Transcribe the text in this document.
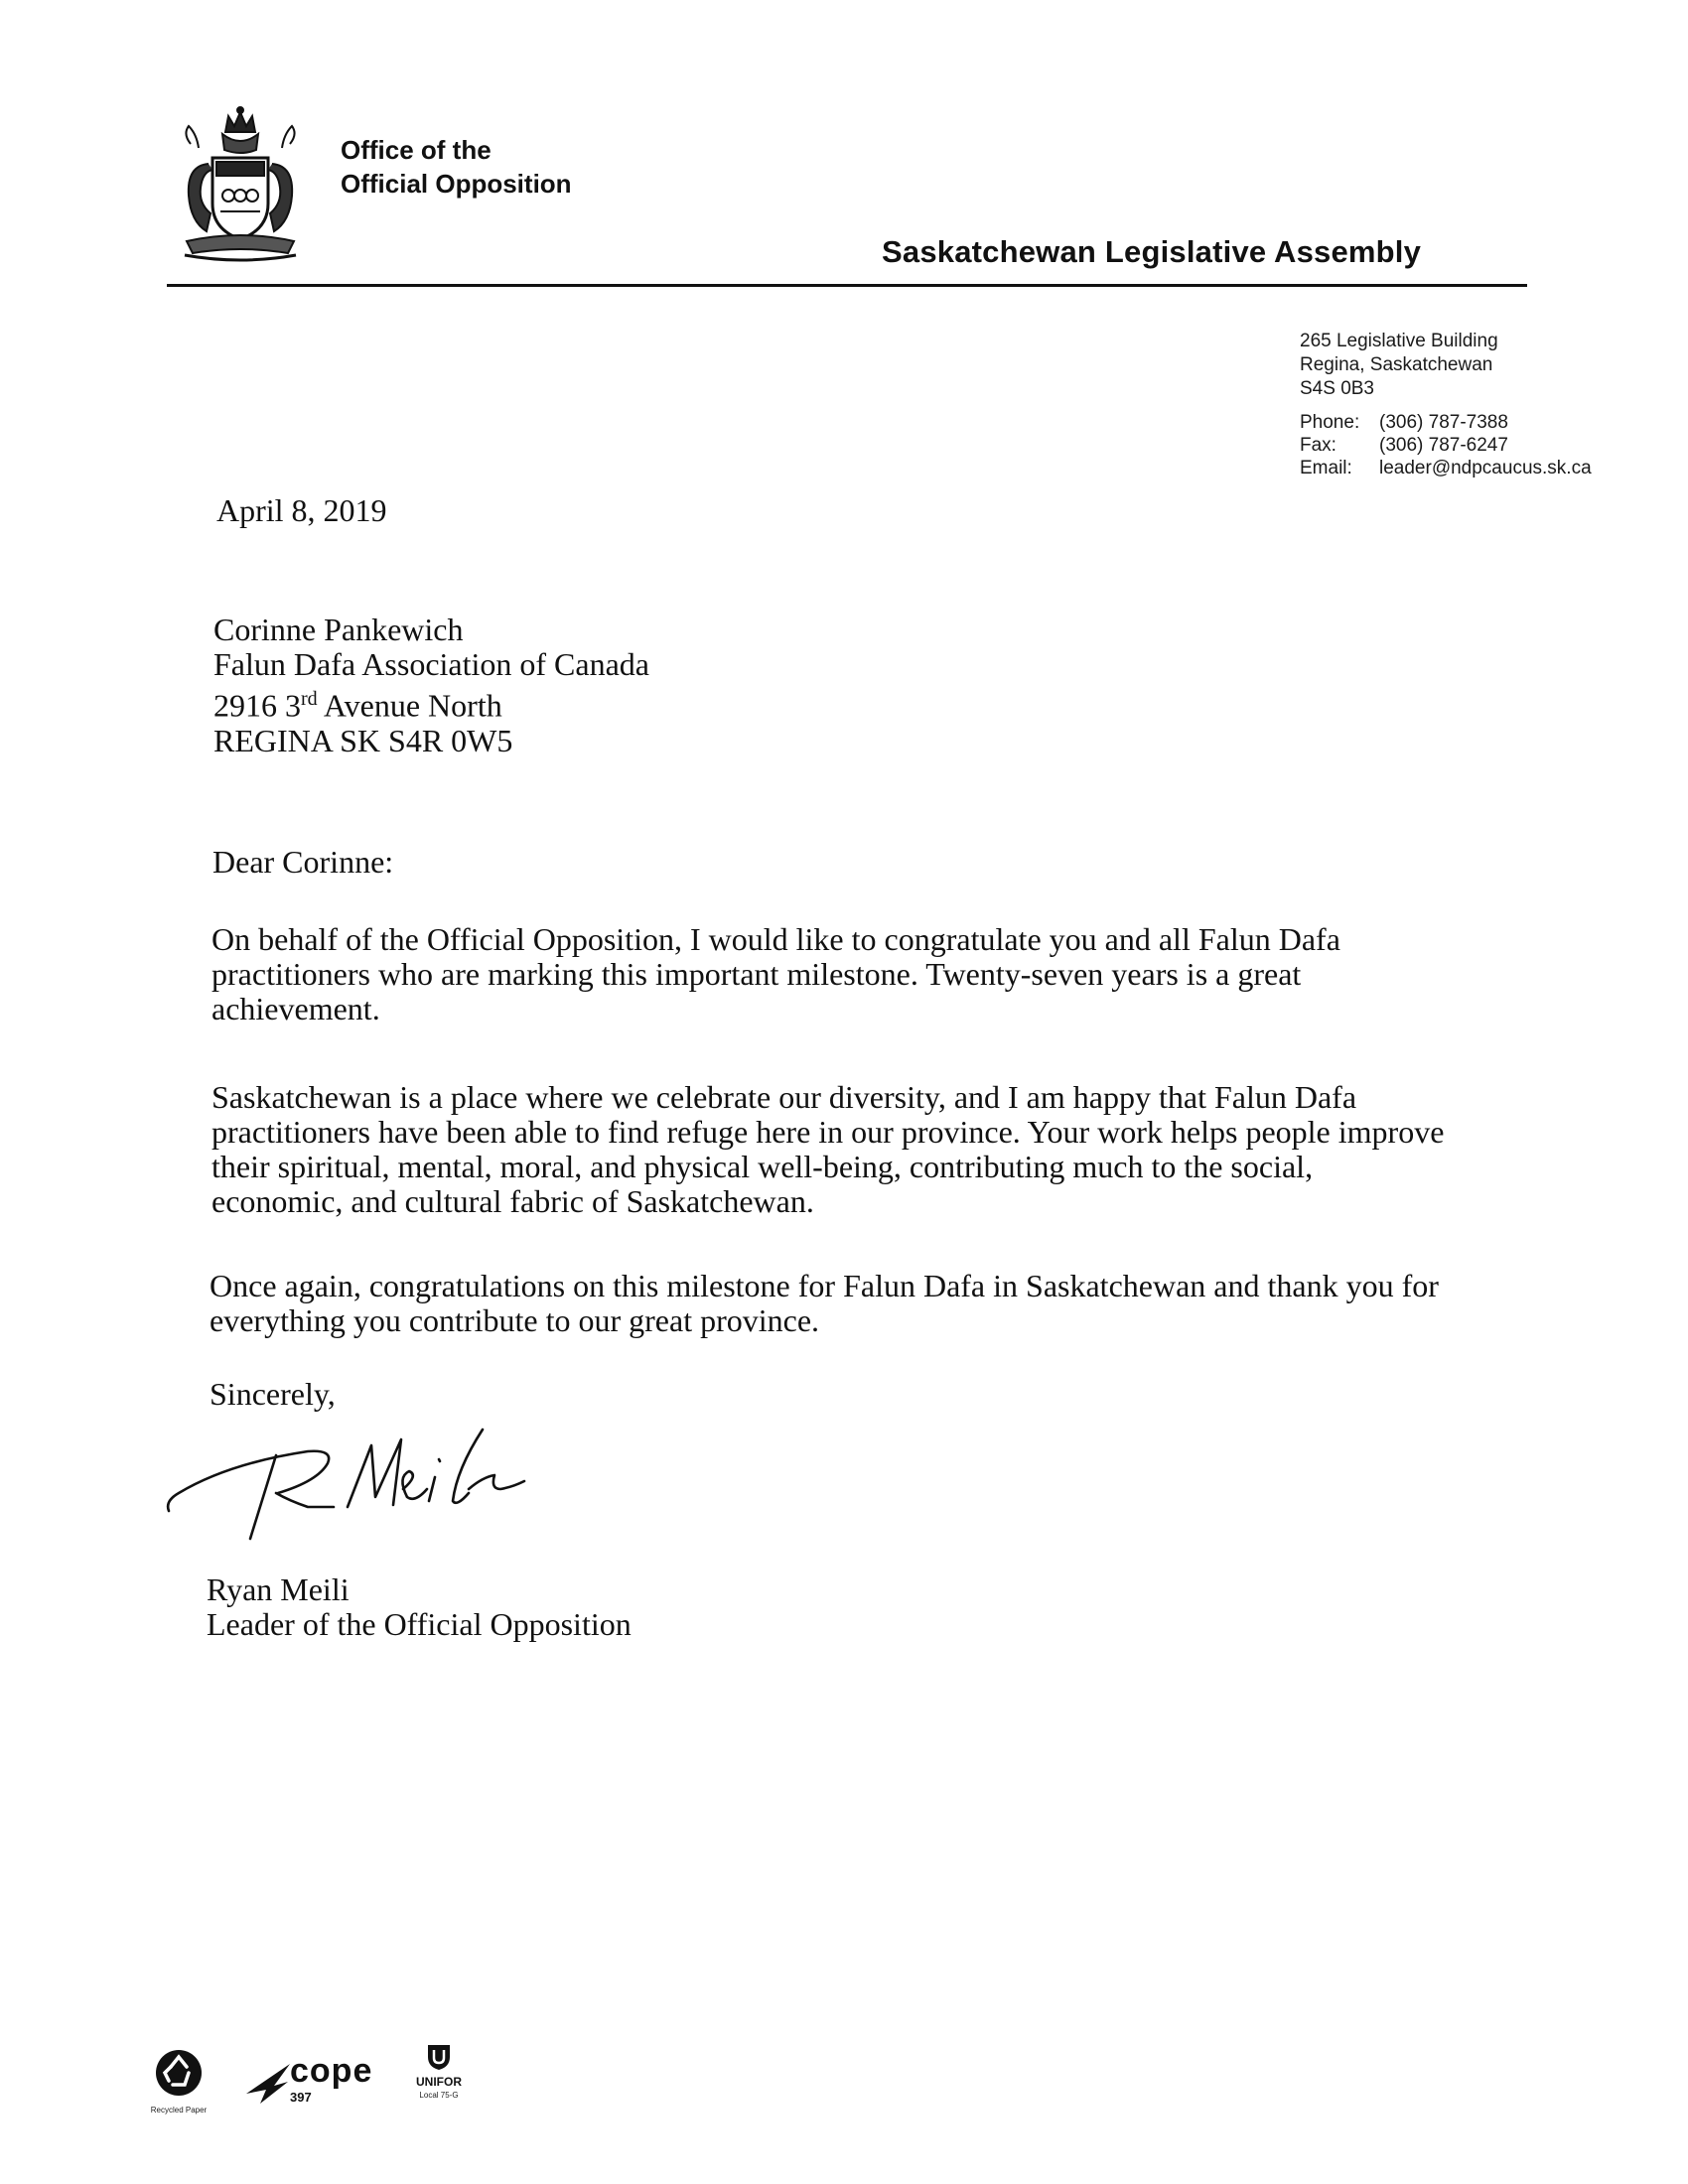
Office of the
Official Opposition
Saskatchewan Legislative Assembly
265 Legislative Building
Regina, Saskatchewan
S4S 0B3
Phone: (306) 787-7388
Fax: (306) 787-6247
Email: leader@ndpcaucus.sk.ca
April 8, 2019
Corinne Pankewich
Falun Dafa Association of Canada
2916 3rd Avenue North
REGINA SK S4R 0W5
Dear Corinne:
On behalf of the Official Opposition, I would like to congratulate you and all Falun Dafa
practitioners who are marking this important milestone. Twenty-seven years is a great
achievement.
Saskatchewan is a place where we celebrate our diversity, and I am happy that Falun Dafa
practitioners have been able to find refuge here in our province. Your work helps people improve
their spiritual, mental, moral, and physical well-being, contributing much to the social,
economic, and cultural fabric of Saskatchewan.
Once again, congratulations on this milestone for Falun Dafa in Saskatchewan and thank you for
everything you contribute to our great province.
Sincerely,
Ryan Meili
Leader of the Official Opposition
Recycled Paper
cope
397
UNIFOR
Local 75-G
